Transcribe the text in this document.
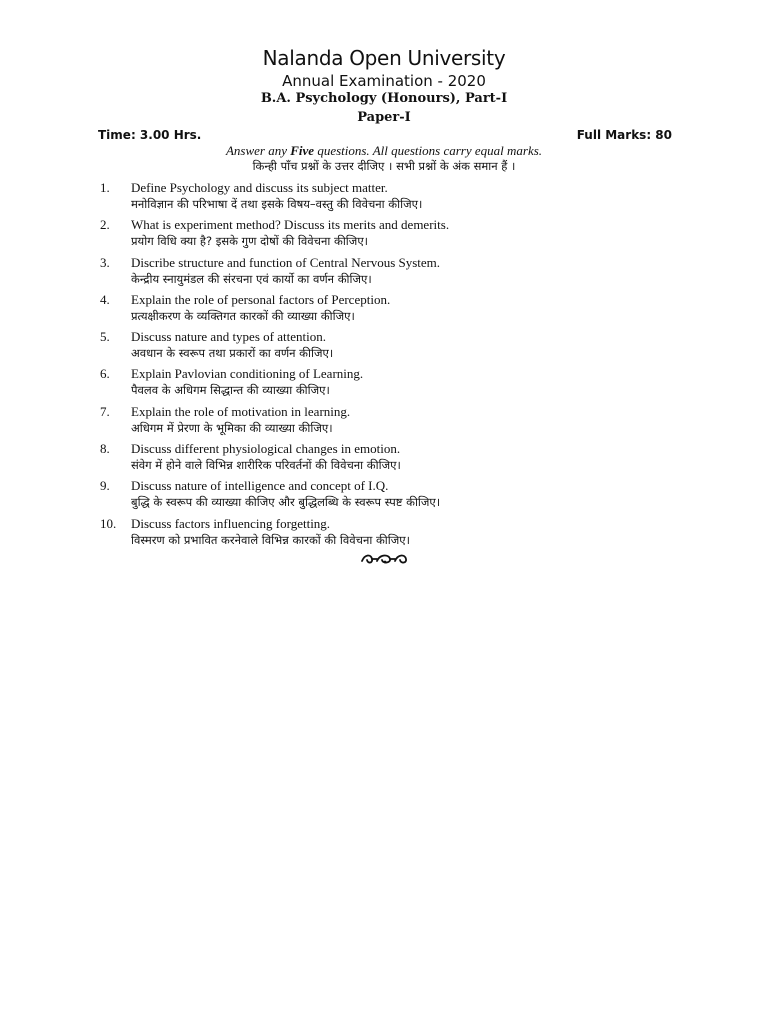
Nalanda Open University
Annual Examination - 2020
B.A. Psychology (Honours), Part-I
Paper-I
Time: 3.00 Hrs.	Full Marks: 80
Answer any Five questions. All questions carry equal marks.
किन्ही पाँच प्रश्नों के उत्तर दीजिए । सभी प्रश्नों के अंक समान हैं ।
1. Define Psychology and discuss its subject matter.
मनोविज्ञान की परिभाषा दें तथा इसके विषय–वस्तु की विवेचना कीजिए।
2. What is experiment method? Discuss its merits and demerits.
प्रयोग विधि क्या है? इसके गुण दोषों की विवेचना कीजिए।
3. Discribe structure and function of Central Nervous System.
केन्द्रीय स्नायुमंडल की संरचना एवं कार्यो का वर्णन कीजिए।
4. Explain the role of personal factors of Perception.
प्रत्यक्षीकरण के व्यक्तिगत कारकों की व्याख्या कीजिए।
5. Discuss nature and types of attention.
अवधान के स्वरूप तथा प्रकारों का वर्णन कीजिए।
6. Explain Pavlovian conditioning of Learning.
पैवलव के अधिगम सिद्धान्त की व्याख्या कीजिए।
7. Explain the role of motivation in learning.
अधिगम में प्रेरणा के भूमिका की व्याख्या कीजिए।
8. Discuss different physiological changes in emotion.
संवेग में होने वाले विभिन्न शारीरिक परिवर्तनों की विवेचना कीजिए।
9. Discuss nature of intelligence and concept of I.Q.
बुद्धि के स्वरूप की व्याख्या कीजिए और बुद्धिलब्धि के स्वरूप स्पष्ट कीजिए।
10. Discuss factors influencing forgetting.
विस्मरण को प्रभावित करनेवाले विभिन्न कारकों की विवेचना कीजिए।
